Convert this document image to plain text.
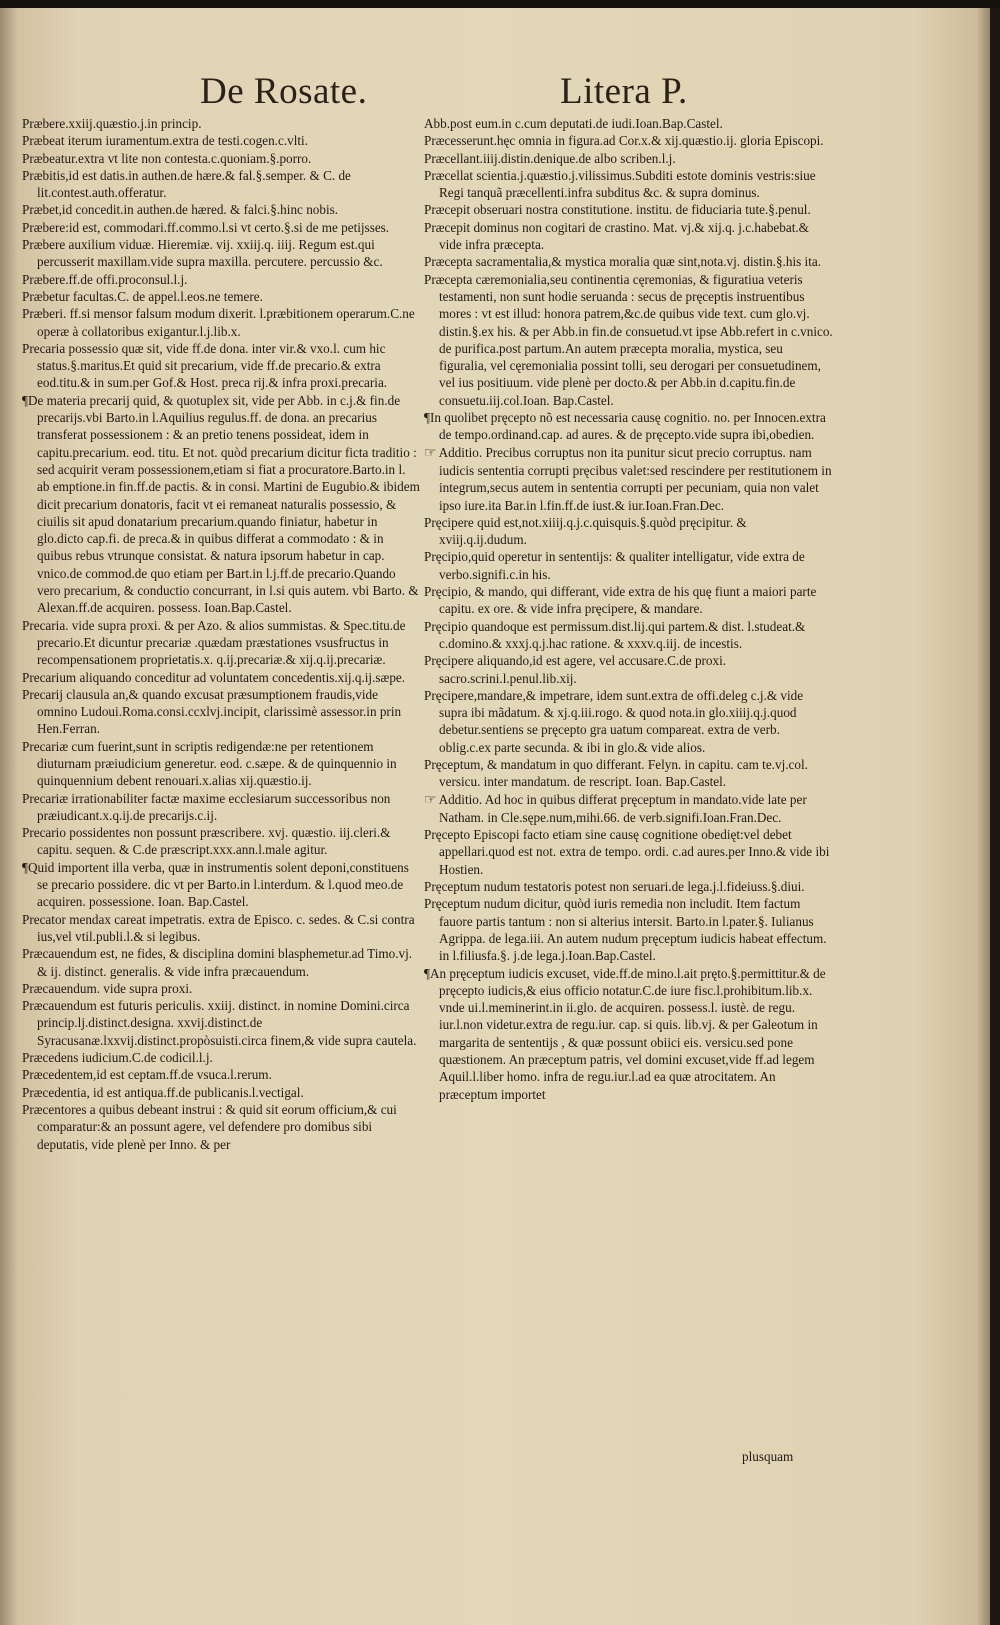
De Rosate.	Litera P.

Præbere.xxiij.quæstio.j.in princip.

Præbeat iterum iuramentum.extra de testi.cogen.c.vlti.

Præbeatur.extra vt lite non contesta.c.quoniam.§.porro.

Præbitis,id est datis.in authen.de hære.& fal.§.semper. & C. de lit.contest.auth.offeratur.

Præbet,id concedit.in authen.de hæred. & falci.§.hinc nobis.

Præbere:id est, commodari.ff.commo.l.si vt certo.§.si de me petijsses.

Præbere auxilium viduæ. Hieremiæ. vij. xxiij.q. iiij. Regum est.qui percusserit maxillam.vide supra maxilla. percutere. percussio &c.

Præbere.ff.de offi.proconsul.l.j.

Præbetur facultas.C. de appel.l.eos.ne temere.

Præberi. ff.si mensor falsum modum dixerit. l.præbitionem operarum.C.ne operæ à collatoribus exigantur.l.j.lib.x.

Precaria possessio quæ sit, vide ff.de dona. inter vir.& vxo.l. cum hic status.§.maritus.Et quid sit precarium, vide ff.de precario.& extra eod.titu.& in sum.per Gof.& Host. preca rij.& infra proxi.precaria.

¶De materia precarij quid, & quotuplex sit, vide per Abb. in c.j.& fin.de precarijs.vbi Barto.in l.Aquilius regulus.ff. de dona. an precarius transferat possessionem : & an pretio tenens possideat, idem in capitu.precarium. eod. titu. Et not. quòd precarium dicitur ficta traditio : sed acquirit veram possessionem,etiam si fiat a procuratore.Barto.in l. ab emptione.in fin.ff.de pactis. & in consi. Martini de Eugubio.& ibidem dicit precarium donatoris, facit vt ei remaneat naturalis possessio, & ciuilis sit apud donatarium precarium.quando finiatur, habetur in glo.dicto cap.fi. de preca.& in quibus differat a commodato : & in quibus rebus vtrunque consistat. & natura ipsorum habetur in cap. vnico.de commod.de quo etiam per Bart.in l.j.ff.de precario.Quando vero precarium, & conductio concurrant, in l.si quis autem. vbi Barto. & Alexan.ff.de acquiren. possess. Ioan.Bap.Castel.

Precaria. vide supra proxi. & per Azo. & alios summistas. & Spec.titu.de precario.Et dicuntur precariæ .quædam præstationes vsusfructus in recompensationem proprietatis.x. q.ij.precariæ.& xij.q.ij.precariæ.

Precarium aliquando conceditur ad voluntatem concedentis.xij.q.ij.sæpe.

Precarij clausula an,& quando excusat præsumptionem fraudis,vide omnino Ludoui.Roma.consi.ccxlvj.incipit, clarissimè assessor.in prin Hen.Ferran.

Precariæ cum fuerint,sunt in scriptis redigendæ:ne per retentionem diuturnam præiudicium generetur. eod. c.sæpe. & de quinquennio in quinquennium debent renouari.x.alias xij.quæstio.ij.

Precariæ irrationabiliter factæ maxime ecclesiarum successoribus non præiudicant.x.q.ij.de precarijs.c.ij.

Precario possidentes non possunt præscribere. xvj. quæstio. iij.cleri.& capitu. sequen. & C.de præscript.xxx.ann.l.male agitur.

¶Quid importent illa verba, quæ in instrumentis solent deponi,constituens se precario possidere. dic vt per Barto.in l.interdum. & l.quod meo.de acquiren. possessione. Ioan. Bap.Castel.

Precator mendax careat impetratis. extra de Episco. c. sedes. & C.si contra ius,vel vtil.publi.l.& si legibus.

Præcauendum est, ne fides, & disciplina domini blasphemetur.ad Timo.vj. & ij. distinct. generalis. & vide infra præcauendum.

Præcauendum. vide supra proxi.

Præcauendum est futuris periculis. xxiij. distinct. in nomine Domini.circa princip.lj.distinct.designa. xxvij.distinct.de Syracusanæ.lxxvij.distinct.propòsuisti.circa finem,& vide supra cautela.

Præcedens iudicium.C.de codicil.l.j.

Præcedentem,id est ceptam.ff.de vsuca.l.rerum.

Præcedentia, id est antiqua.ff.de publicanis.l.vectigal.

Præcentores a quibus debeant instrui : & quid sit eorum officium,& cui comparatur:& an possunt agere, vel defendere pro domibus sibi deputatis, vide plenè per Inno. & per

Abb.post eum.in c.cum deputati.de iudi.Ioan.Bap.Castel.

Præcesserunt.hęc omnia in figura.ad Cor.x.& xij.quæstio.ij. gloria Episcopi.

Præcellant.iiij.distin.denique.de albo scriben.l.j.

Præcellat scientia.j.quæstio.j.vilissimus.Subditi estote dominis vestris:siue Regi tanquã præcellenti.infra subditus &c. & supra dominus.

Præcepit obseruari nostra constitutione. institu. de fiduciaria tute.§.penul.

Præcepit dominus non cogitari de crastino. Mat. vj.& xij.q. j.c.habebat.& vide infra præcepta.

Præcepta sacramentalia,& mystica moralia quæ sint,nota.vj. distin.§.his ita.

Præcepta cæremonialia,seu continentia cęremonias, & figuratiua veteris testamenti, non sunt hodie seruanda : secus de pręceptis instruentibus mores : vt est illud: honora patrem,&c.de quibus vide text. cum glo.vj. distin.§.ex his. & per Abb.in fin.de consuetud.vt ipse Abb.refert in c.vnico. de purifica.post partum.An autem præcepta moralia, mystica, seu figuralia, vel cęremonialia possint tolli, seu derogari per consuetudinem, vel ius positiuum. vide plenè per docto.& per Abb.in d.capitu.fin.de consuetu.iij.col.Ioan. Bap.Castel.

¶In quolibet pręcepto nõ est necessaria causę cognitio. no. per Innocen.extra de tempo.ordinand.cap. ad aures. & de pręcepto.vide supra ibi,obedien.

☞ Additio. Precibus corruptus non ita punitur sicut precio corruptus. nam iudicis sententia corrupti pręcibus valet:sed rescindere per restitutionem in integrum,secus autem in sententia corrupti per pecuniam, quia non valet ipso iure.ita Bar.in l.fin.ff.de iust.& iur.Ioan.Fran.Dec.

Pręcipere quid est,not.xiiij.q.j.c.quisquis.§.quòd pręcipitur. & xviij.q.ij.dudum.

Pręcipio,quid operetur in sententijs: & qualiter intelligatur, vide extra de verbo.signifi.c.in his.

Pręcipio, & mando, qui differant, vide extra de his quę fiunt a maiori parte capitu. ex ore. & vide infra pręcipere, & mandare.

Pręcipio quandoque est permissum.dist.lij.qui partem.& dist. l.studeat.& c.domino.& xxxj.q.j.hac ratione. & xxxv.q.iij. de incestis.

Pręcipere aliquando,id est agere, vel accusare.C.de proxi. sacro.scrini.l.penul.lib.xij.

Pręcipere,mandare,& impetrare, idem sunt.extra de offi.deleg c.j.& vide supra ibi mãdatum. & xj.q.iii.rogo. & quod nota.in glo.xiiij.q.j.quod debetur.sentiens se pręcepto gra uatum compareat. extra de verb. oblig.c.ex parte secunda. & ibi in glo.& vide alios.

Pręceptum, & mandatum in quo differant. Felyn. in capitu. cam te.vj.col. versicu. inter mandatum. de rescript. Ioan. Bap.Castel.

☞ Additio. Ad hoc in quibus differat pręceptum in mandato.vide late per Natham. in Cle.sępe.num,mihi.66. de verb.signifi.Ioan.Fran.Dec.

Pręcepto Episcopi facto etiam sine causę cognitione obedięt:vel debet appellari.quod est not. extra de tempo. ordi. c.ad aures.per Inno.& vide ibi Hostien.

Pręceptum nudum testatoris potest non seruari.de lega.j.l.fideiuss.§.diui.

Pręceptum nudum dicitur, quòd iuris remedia non includit. Item factum fauore partis tantum : non si alterius intersit. Barto.in l.pater.§. Iulianus Agrippa. de lega.iii. An autem nudum pręceptum iudicis habeat effectum. in l.filiusfa.§. j.de lega.j.Ioan.Bap.Castel.

¶An pręceptum iudicis excuset, vide.ff.de mino.l.ait pręto.§.permittitur.& de pręcepto iudicis,& eius officio notatur.C.de iure fisc.l.prohibitum.lib.x. vnde ui.l.meminerint.in ii.glo. de acquiren. possess.l. iustè. de regu. iur.l.non videtur.extra de regu.iur. cap. si quis. lib.vj. & per Galeotum in margarita de sententijs , & quæ possunt obiici eis. versicu.sed pone quæstionem. An præceptum patris, vel domini excuset,vide ff.ad legem Aquil.l.liber homo. infra de regu.iur.l.ad ea quæ atrocitatem. An præceptum importet

plusquam
